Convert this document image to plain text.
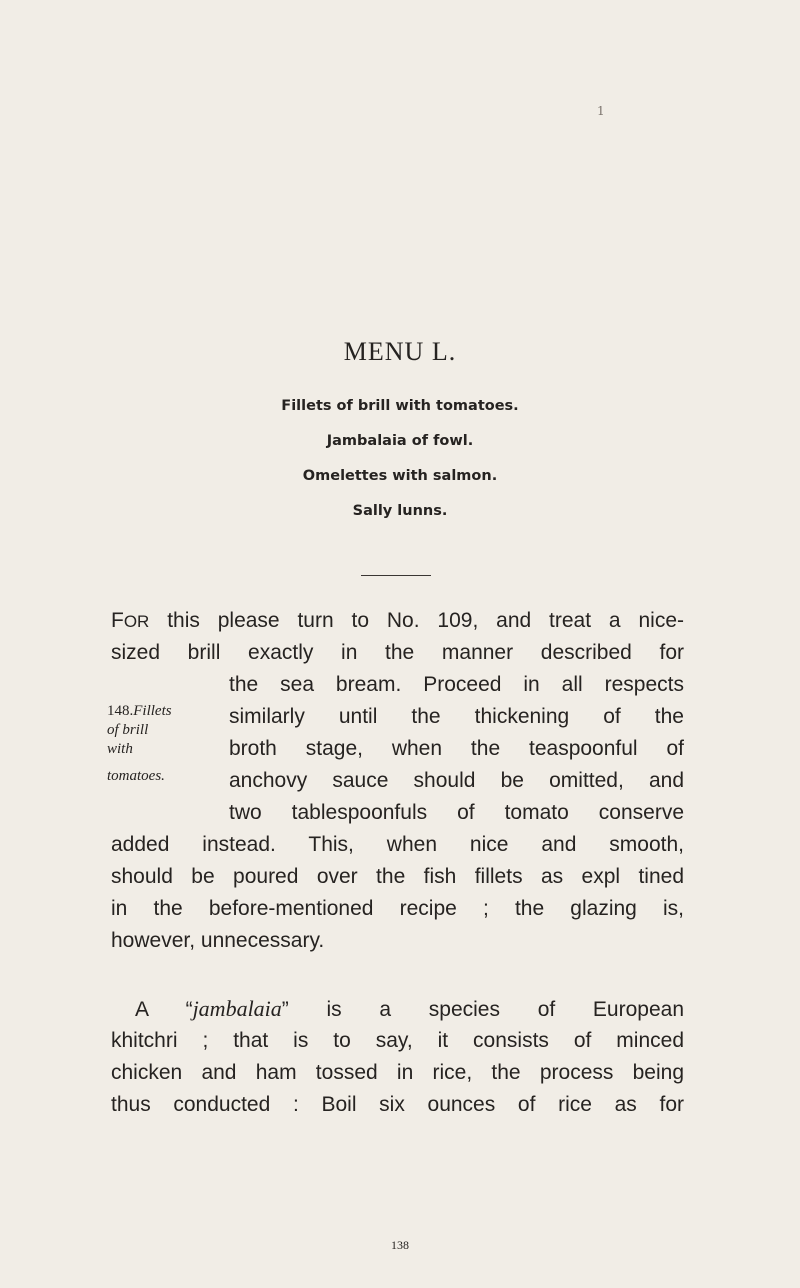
1
MENU L.
Fillets of brill with tomatoes.
Jambalaia of fowl.
Omelettes with salmon.
Sally lunns.
FOR this please turn to No. 109, and treat a nice-
sized brill exactly in the manner described for
the sea bream. Proceed in all respects
similarly until the thickening of the
broth stage, when the teaspoonful of
anchovy sauce should be omitted, and
two tablespoonfuls of tomato conserve
added instead. This, when nice and smooth,
should be poured over the fish fillets as expl tined
in the before-mentioned recipe ; the glazing is,
however, unnecessary.
A “jambalaia” is a species of European
khitchri ; that is to say, it consists of minced
chicken and ham tossed in rice, the process being
thus conducted : Boil six ounces of rice as for
148.Fillets
of brill
with
tomatoes.
138
